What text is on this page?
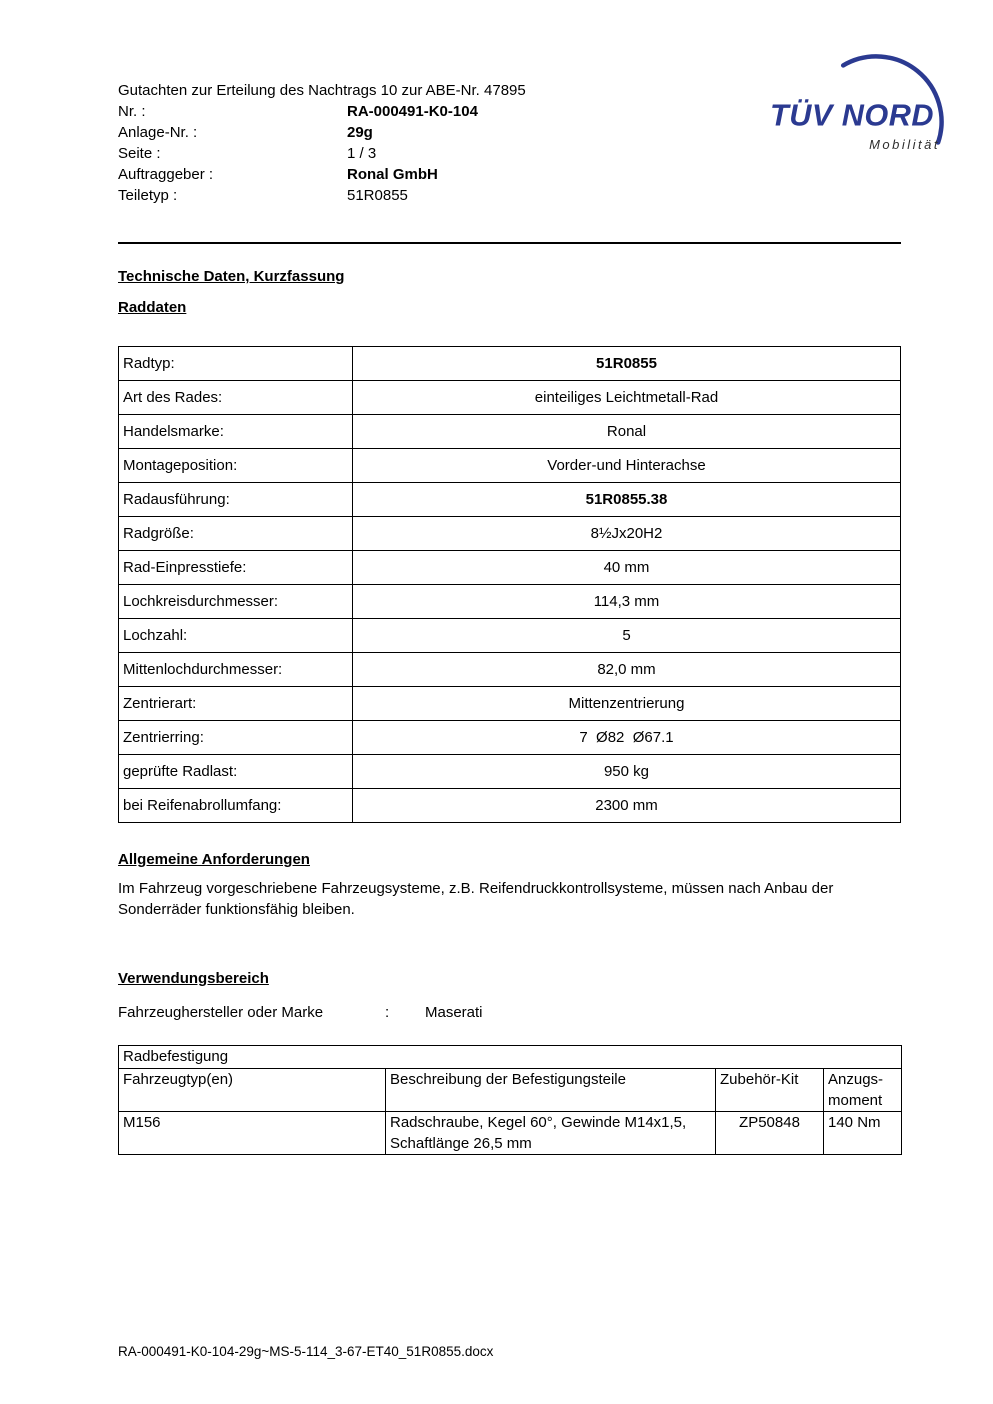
Gutachten zur Erteilung des Nachtrags 10 zur ABE-Nr. 47895
Nr. :	RA-000491-K0-104
Anlage-Nr. :	29g
Seite :	1 / 3
Auftraggeber :	Ronal GmbH
Teiletyp :	51R0855
TÜV NORD
Mobilität
Technische Daten, Kurzfassung
Raddaten
Radtyp:	51R0855
Art des Rades:	einteiliges Leichtmetall-Rad
Handelsmarke:	Ronal
Montageposition:	Vorder-und Hinterachse
Radausführung:	51R0855.38
Radgröße:	8½Jx20H2
Rad-Einpresstiefe:	40 mm
Lochkreisdurchmesser:	114,3 mm
Lochzahl:	5
Mittenlochdurchmesser:	82,0 mm
Zentrierart:	Mittenzentrierung
Zentrierring:	7  Ø82  Ø67.1
geprüfte Radlast:	950 kg
bei Reifenabrollumfang:	2300 mm
Allgemeine Anforderungen
Im Fahrzeug vorgeschriebene Fahrzeugsysteme, z.B. Reifendruckkontrollsysteme, müssen nach Anbau der Sonderräder funktionsfähig bleiben.
Verwendungsbereich
Fahrzeughersteller oder Marke	:	Maserati
Radbefestigung			
Fahrzeugtyp(en)	Beschreibung der Befestigungsteile	Zubehör-Kit	Anzugs-moment
M156	Radschraube, Kegel 60°, Gewinde M14x1,5, Schaftlänge 26,5 mm	ZP50848	140 Nm
RA-000491-K0-104-29g~MS-5-114_3-67-ET40_51R0855.docx
